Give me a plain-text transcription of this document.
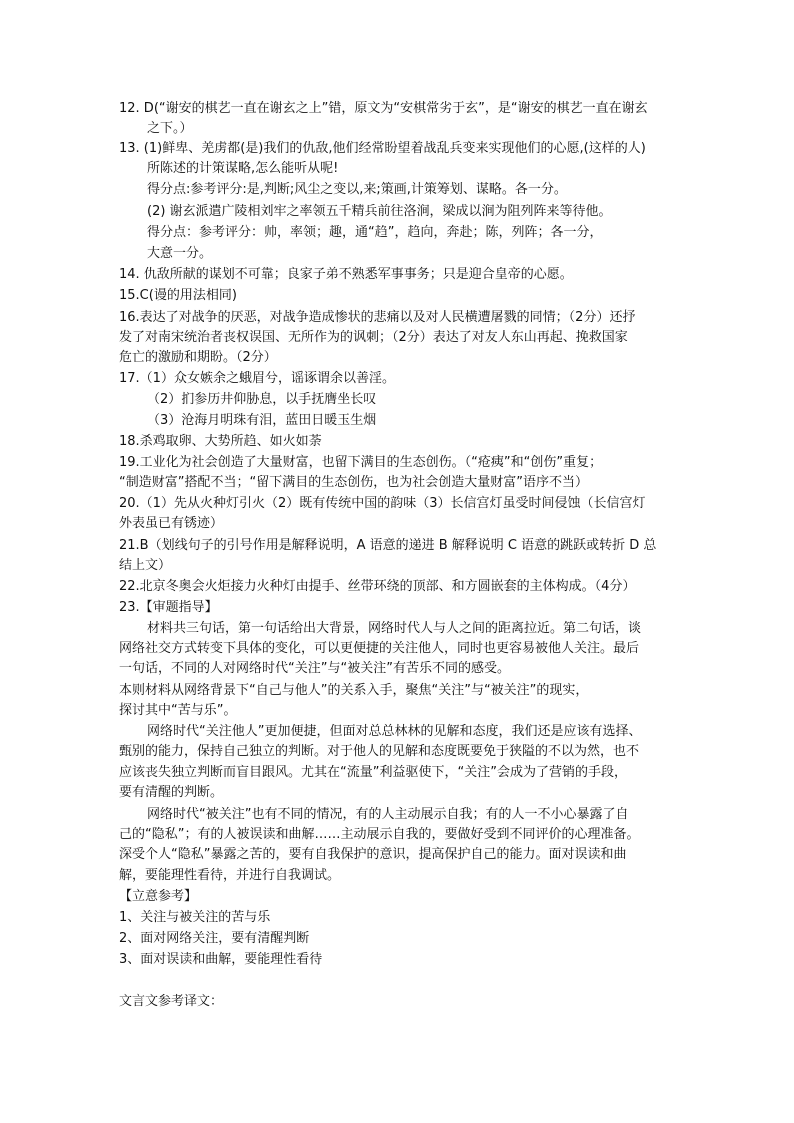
12. D(“谢安的棋艺一直在谢玄之上”错，原文为“安棋常劣于玄”，是“谢安的棋艺一直在谢玄
之下。）
13. (1)鲜卑、羌虏都(是)我们的仇敌,他们经常盼望着战乱兵变来实现他们的心愿,(这样的人)
所陈述的计策谋略,怎么能听从呢!
得分点:参考评分:是,判断;风尘之变以,来;策画,计策筹划、谋略。各一分。
(2) 谢玄派遣广陵相刘牢之率领五千精兵前往洛涧，梁成以涧为阻列阵来等待他。
得分点：参考评分：帅，率领；趣，通“趋”，趋向，奔赴；陈，列阵；各一分，
大意一分。
14. 仇敌所献的谋划不可靠；良家子弟不熟悉军事事务；只是迎合皇帝的心愿。
15.C(谩的用法相同)
16.表达了对战争的厌恶，对战争造成惨状的悲痛以及对人民横遭屠戮的同情；（2分）还抒
发了对南宋统治者丧权误国、无所作为的讽刺；（2分）表达了对友人东山再起、挽救国家
危亡的激励和期盼。（2分）
17.（1）众女嫉余之蛾眉兮，谣诼谓余以善淫。
（2）扪参历井仰胁息，以手抚膺坐长叹
（3）沧海月明珠有泪，蓝田日暖玉生烟
18.杀鸡取卵、大势所趋、如火如荼
19.工业化为社会创造了大量财富，也留下满目的生态创伤。（“疮痍”和“创伤”重复；
“制造财富”搭配不当；“留下满目的生态创伤，也为社会创造大量财富”语序不当）
20.（1）先从火种灯引火（2）既有传统中国的韵味（3）长信宫灯虽受时间侵蚀（长信宫灯
外表虽已有锈迹）
21.B（划线句子的引号作用是解释说明，A 语意的递进 B 解释说明 C 语意的跳跃或转折 D 总
结上文）
22.北京冬奥会火炬接力火种灯由提手、丝带环绕的顶部、和方圆嵌套的主体构成。（4分）
23.【审题指导】
材料共三句话，第一句话给出大背景，网络时代人与人之间的距离拉近。第二句话，谈
网络社交方式转变下具体的变化，可以更便捷的关注他人，同时也更容易被他人关注。最后
一句话，不同的人对网络时代“关注”与“被关注”有苦乐不同的感受。
本则材料从网络背景下“自己与他人”的关系入手，聚焦“关注”与“被关注”的现实，
探讨其中“苦与乐”。
网络时代“关注他人”更加便捷，但面对总总林林的见解和态度，我们还是应该有选择、
甄别的能力，保持自己独立的判断。对于他人的见解和态度既要免于狭隘的不以为然，也不
应该丧失独立判断而盲目跟风。尤其在“流量”利益驱使下，“关注”会成为了营销的手段，
要有清醒的判断。
网络时代“被关注”也有不同的情况，有的人主动展示自我；有的人一不小心暴露了自
己的“隐私”；有的人被误读和曲解……主动展示自我的，要做好受到不同评价的心理准备。
深受个人“隐私”暴露之苦的，要有自我保护的意识，提高保护自己的能力。面对误读和曲
解，要能理性看待，并进行自我调试。
【立意参考】
1、关注与被关注的苦与乐
2、面对网络关注，要有清醒判断
3、面对误读和曲解，要能理性看待
文言文参考译文：
